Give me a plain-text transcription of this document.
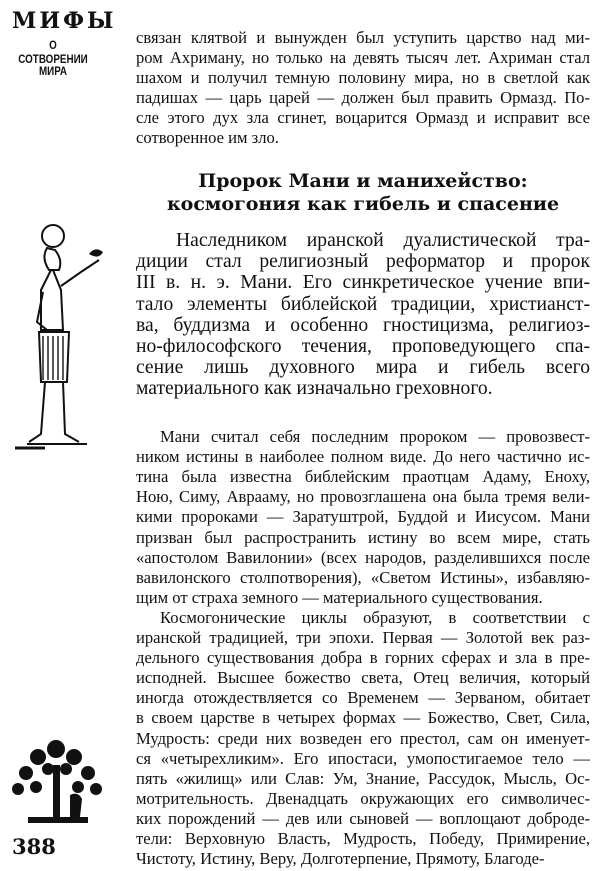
МИФЫ
О СОТВОРЕНИИ
МИРА
388
связан клятвой и вынужден был уступить царство над ми-
ром Ахриману, но только на девять тысяч лет. Ахриман стал
шахом и получил темную половину мира, но в светлой как
падишах — царь царей — должен был править Ормазд. По-
сле этого дух зла сгинет, воцарится Ормазд и исправит все
сотворенное им зло.
Пророк Мани и манихейство:
космогония как гибель и спасение
Наследником иранской дуалистической тра-
диции стал религиозный реформатор и пророк
III в. н. э. Мани. Его синкретическое учение впи-
тало элементы библейской традиции, христианст-
ва, буддизма и особенно гностицизма, религиоз-
но-философского течения, проповедующего спа-
сение лишь духовного мира и гибель всего
материального как изначально греховного.
Мани считал себя последним пророком — провозвест-
ником истины в наиболее полном виде. До него частично ис-
тина была известна библейским праотцам Адаму, Еноху,
Ною, Симу, Аврааму, но провозглашена она была тремя вели-
кими пророками — Заратуштрой, Буддой и Иисусом. Мани
призван был распространить истину во всем мире, стать
«апостолом Вавилонии» (всех народов, разделившихся после
вавилонского столпотворения), «Светом Истины», избавляю-
щим от страха земного — материального существования.
Космогонические циклы образуют, в соответствии с
иранской традицией, три эпохи. Первая — Золотой век раз-
дельного существования добра в горних сферах и зла в пре-
исподней. Высшее божество света, Отец величия, который
иногда отождествляется со Временем — Зерваном, обитает
в своем царстве в четырех формах — Божество, Свет, Сила,
Мудрость: среди них возведен его престол, сам он именует-
ся «четырехликим». Его ипостаси, умопостигаемое тело —
пять «жилищ» или Слав: Ум, Знание, Рассудок, Мысль, Ос-
мотрительность. Двенадцать окружающих его символичес-
ких порождений — дев или сыновей — воплощают доброде-
тели: Верховную Власть, Мудрость, Победу, Примирение,
Чистоту, Истину, Веру, Долготерпение, Прямоту, Благоде-
